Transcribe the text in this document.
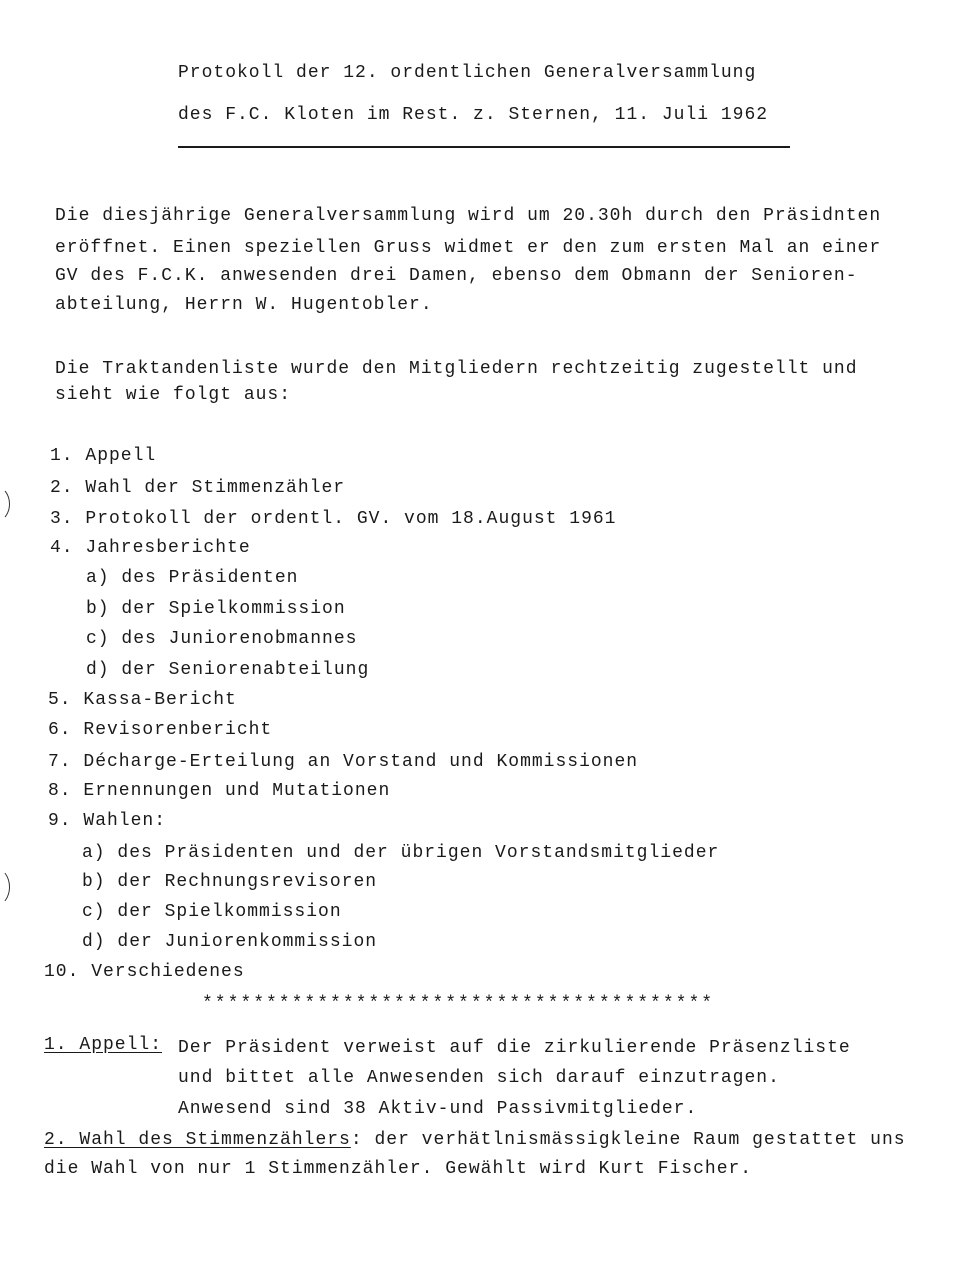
Protokoll der 12. ordentlichen Generalversammlung
des F.C. Kloten im Rest. z. Sternen, 11. Juli 1962
Die diesjährige Generalversammlung wird um 20.30h durch den Präsidnten
eröffnet. Einen speziellen Gruss widmet er den zum ersten Mal an einer
GV des F.C.K. anwesenden drei Damen, ebenso dem Obmann der Senioren-
abteilung, Herrn W. Hugentobler.
Die Traktandenliste wurde den Mitgliedern rechtzeitig zugestellt und
sieht wie folgt aus:
1. Appell
2. Wahl der Stimmenzähler
3. Protokoll der ordentl. GV. vom 18.August 1961
4. Jahresberichte
a) des Präsidenten
b) der Spielkommission
c) des Juniorenobmannes
d) der Seniorenabteilung
5. Kassa-Bericht
6. Revisorenbericht
7. Décharge-Erteilung an Vorstand und Kommissionen
8. Ernennungen und Mutationen
9. Wahlen:
a) des Präsidenten und der übrigen Vorstandsmitglieder
b) der Rechnungsrevisoren
c) der Spielkommission
d) der Juniorenkommission
10. Verschiedenes
****************************************
1. Appell: Der Präsident verweist auf die zirkulierende Präsenzliste
und bittet alle Anwesenden sich darauf einzutragen.
Anwesend sind 38 Aktiv-und Passivmitglieder.
2. Wahl des Stimmenzählers: der verhätlnismässigkleine Raum gestattet uns
die Wahl von nur 1 Stimmenzähler. Gewählt wird Kurt Fischer.
